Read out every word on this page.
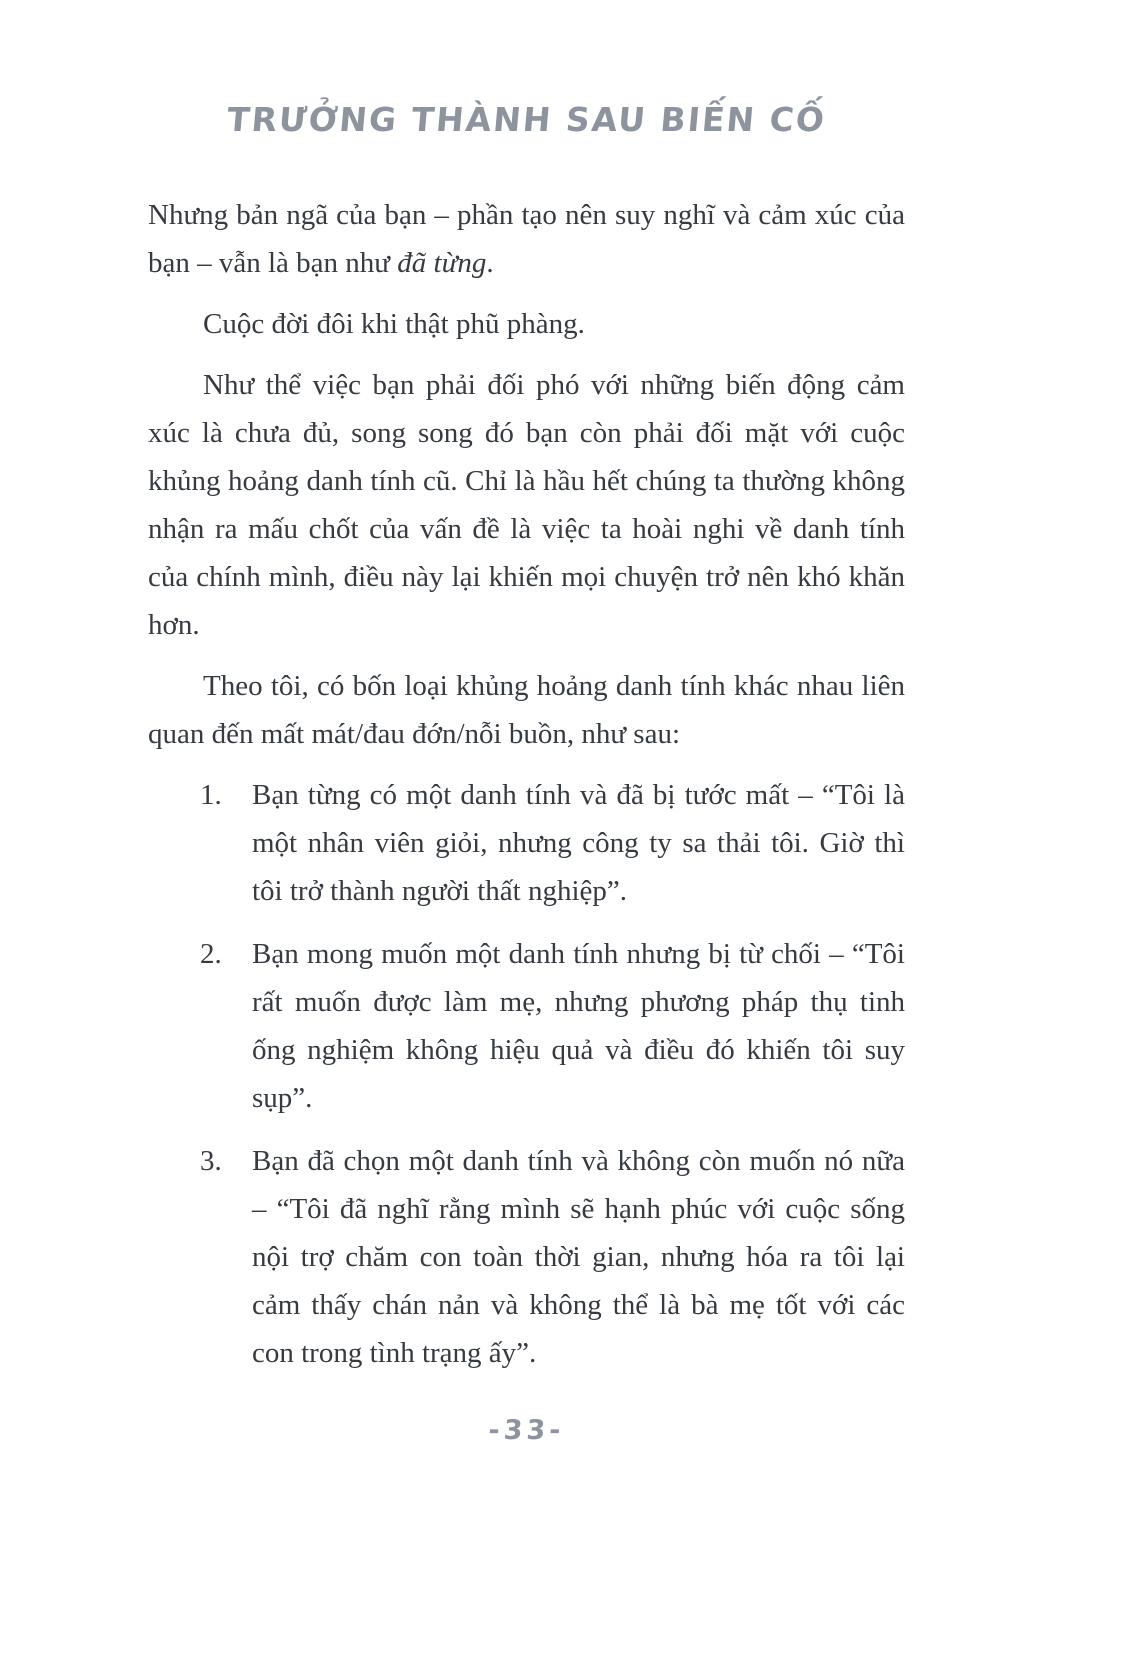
TRƯỞNG THÀNH SAU BIẾN CỐ

Nhưng bản ngã của bạn – phần tạo nên suy nghĩ và cảm xúc của bạn – vẫn là bạn như đã từng.

Cuộc đời đôi khi thật phũ phàng.

Như thể việc bạn phải đối phó với những biến động cảm xúc là chưa đủ, song song đó bạn còn phải đối mặt với cuộc khủng hoảng danh tính cũ. Chỉ là hầu hết chúng ta thường không nhận ra mấu chốt của vấn đề là việc ta hoài nghi về danh tính của chính mình, điều này lại khiến mọi chuyện trở nên khó khăn hơn.

Theo tôi, có bốn loại khủng hoảng danh tính khác nhau liên quan đến mất mát/đau đớn/nỗi buồn, như sau:

1.	Bạn từng có một danh tính và đã bị tước mất – “Tôi là một nhân viên giỏi, nhưng công ty sa thải tôi. Giờ thì tôi trở thành người thất nghiệp”.
2.	Bạn mong muốn một danh tính nhưng bị từ chối – “Tôi rất muốn được làm mẹ, nhưng phương pháp thụ tinh ống nghiệm không hiệu quả và điều đó khiến tôi suy sụp”.
3.	Bạn đã chọn một danh tính và không còn muốn nó nữa – “Tôi đã nghĩ rằng mình sẽ hạnh phúc với cuộc sống nội trợ chăm con toàn thời gian, nhưng hóa ra tôi lại cảm thấy chán nản và không thể là bà mẹ tốt với các con trong tình trạng ấy”.
-33-
